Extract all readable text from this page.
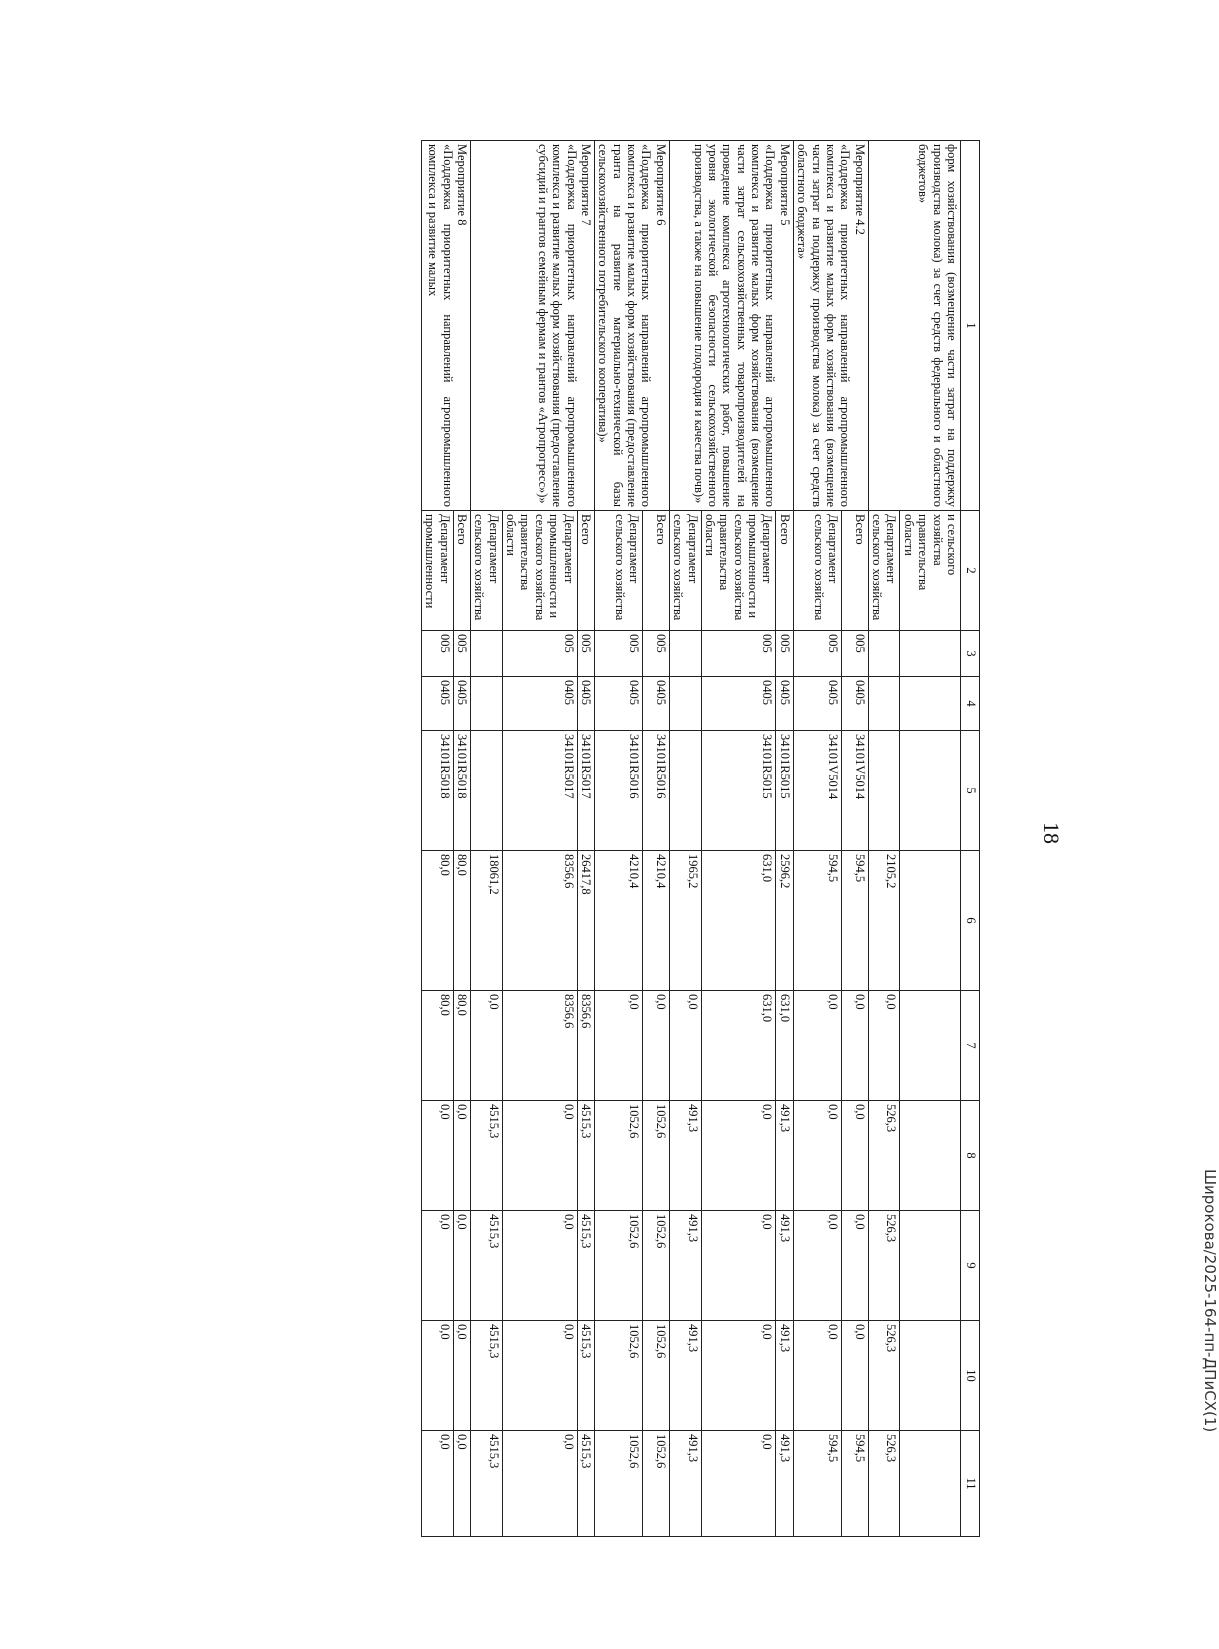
18
1	2	3	4	5	6	7	8	9	10	11

форм хозяйствования (возмещение части затрат на поддержку производства молока) за счет средств федерального и областного бюджетов»	и сельского хозяйства правительства области									
	Департамент сельского хозяйства				2105,2	0,0	526,3	526,3	526,3	526,3

Мероприятие 4.2
«Поддержка приоритетных направлений агропромышленного комплекса и развитие малых форм хозяйствования (возмещение части затрат на поддержку производства молока) за счет средств областного бюджета»	Всего	005	0405	34101V5014	594,5	0,0	0,0	0,0	0,0	594,5
	Департамент сельского хозяйства	005	0405	34101V5014	594,5	0,0	0,0	0,0	0,0	594,5

Мероприятие 5
«Поддержка приоритетных направлений агропромышленного комплекса и развитие малых форм хозяйствования (возмещение части затрат сельскохозяйственных товаропроизводителей на проведение комплекса агротехнологических работ, повышение уровня экологической безопасности сельскохозяйственного производства, а также на повышение плодородия и качества почв)»	Всего	005	0405	34101R5015	2596,2	631,0	491,3	491,3	491,3	491,3
	Департамент промышленности и сельского хозяйства правительства области	005	0405	34101R5015	631,0	631,0	0,0	0,0	0,0	0,0
	Департамент сельского хозяйства				1965,2	0,0	491,3	491,3	491,3	491,3

Мероприятие 6
«Поддержка приоритетных направлений агропромышленного комплекса и развитие малых форм хозяйствования (предоставление гранта на развитие материально-технической базы сельскохозяйственного потребительского кооператива)»	Всего	005	0405	34101R5016	4210,4	0,0	1052,6	1052,6	1052,6	1052,6
	Департамент сельского хозяйства	005	0405	34101R5016	4210,4	0,0	1052,6	1052,6	1052,6	1052,6

Мероприятие 7
«Поддержка приоритетных направлений агропромышленного комплекса и развитие малых форм хозяйствования (предоставление субсидий и грантов семейным фермам и грантов «Агропрогресс»)»	Всего	005	0405	34101R5017	26417,8	8356,6	4515,3	4515,3	4515,3	4515,3
	Департамент промышленности и сельского хозяйства правительства области	005	0405	34101R5017	8356,6	8356,6	0,0	0,0	0,0	0,0
	Департамент сельского хозяйства				18061,2	0,0	4515,3	4515,3	4515,3	4515,3

Мероприятие 8
«Поддержка приоритетных направлений агропромышленного комплекса и развитие малых	Всего	005	0405	34101R5018	80,0	80,0	0,0	0,0	0,0	0,0
	Департамент промышленности	005	0405	34101R5018	80,0	80,0	0,0	0,0	0,0	0,0
Широкова/2025-164-пп-ДПиСХ(1)
